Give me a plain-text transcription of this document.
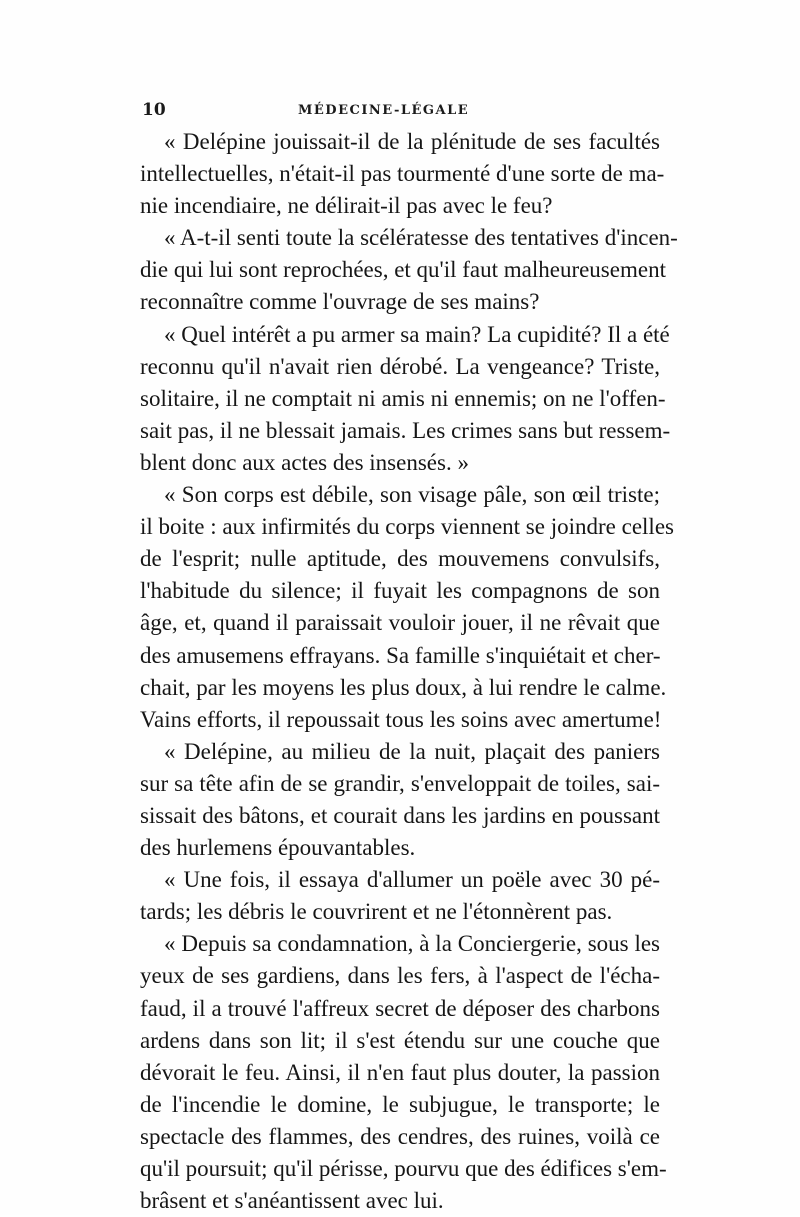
10	MÉDECINE-LÉGALE
« Delépine jouissait-il de la plénitude de ses facultés
intellectuelles, n'était-il pas tourmenté d'une sorte de ma-
nie incendiaire, ne délirait-il pas avec le feu?
« A-t-il senti toute la scélératesse des tentatives d'incen-
die qui lui sont reprochées, et qu'il faut malheureusement
reconnaître comme l'ouvrage de ses mains?
« Quel intérêt a pu armer sa main? La cupidité? Il a été
reconnu qu'il n'avait rien dérobé. La vengeance? Triste,
solitaire, il ne comptait ni amis ni ennemis; on ne l'offen-
sait pas, il ne blessait jamais. Les crimes sans but ressem-
blent donc aux actes des insensés. »
« Son corps est débile, son visage pâle, son œil triste;
il boite : aux infirmités du corps viennent se joindre celles
de l'esprit; nulle aptitude, des mouvemens convulsifs,
l'habitude du silence; il fuyait les compagnons de son
âge, et, quand il paraissait vouloir jouer, il ne rêvait que
des amusemens effrayans. Sa famille s'inquiétait et cher-
chait, par les moyens les plus doux, à lui rendre le calme.
Vains efforts, il repoussait tous les soins avec amertume!
« Delépine, au milieu de la nuit, plaçait des paniers
sur sa tête afin de se grandir, s'enveloppait de toiles, sai-
sissait des bâtons, et courait dans les jardins en poussant
des hurlemens épouvantables.
« Une fois, il essaya d'allumer un poële avec 30 pé-
tards; les débris le couvrirent et ne l'étonnèrent pas.
« Depuis sa condamnation, à la Conciergerie, sous les
yeux de ses gardiens, dans les fers, à l'aspect de l'écha-
faud, il a trouvé l'affreux secret de déposer des charbons
ardens dans son lit; il s'est étendu sur une couche que
dévorait le feu. Ainsi, il n'en faut plus douter, la passion
de l'incendie le domine, le subjugue, le transporte; le
spectacle des flammes, des cendres, des ruines, voilà ce
qu'il poursuit; qu'il périsse, pourvu que des édifices s'em-
brâsent et s'anéantissent avec lui.
